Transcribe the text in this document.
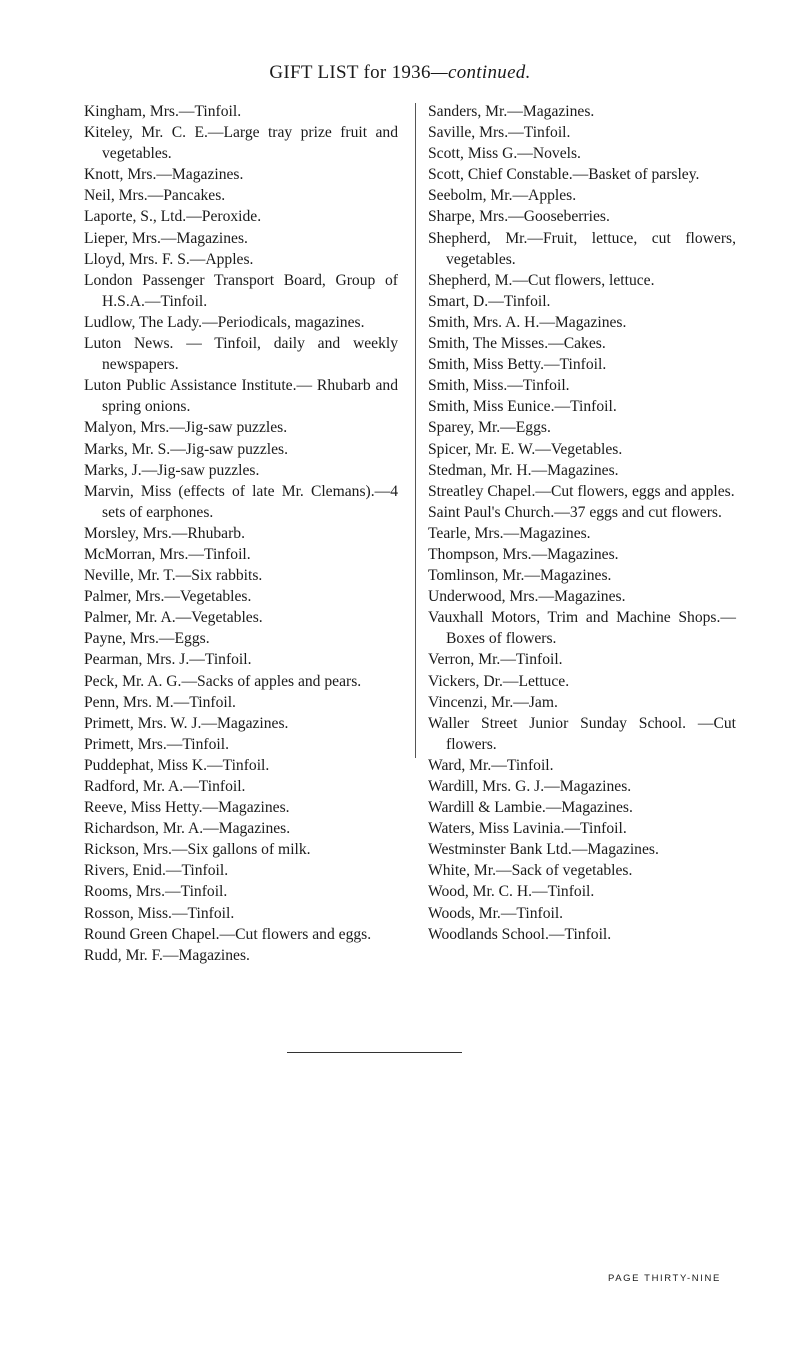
GIFT LIST for 1936—continued.
Kingham, Mrs.—Tinfoil.
Kiteley, Mr. C. E.—Large tray prize fruit and vegetables.
Knott, Mrs.—Magazines.
Neil, Mrs.—Pancakes.
Laporte, S., Ltd.—Peroxide.
Lieper, Mrs.—Magazines.
Lloyd, Mrs. F. S.—Apples.
London Passenger Transport Board, Group of H.S.A.—Tinfoil.
Ludlow, The Lady.—Periodicals, magazines.
Luton News. — Tinfoil, daily and weekly newspapers.
Luton Public Assistance Institute.— Rhubarb and spring onions.
Malyon, Mrs.—Jig-saw puzzles.
Marks, Mr. S.—Jig-saw puzzles.
Marks, J.—Jig-saw puzzles.
Marvin, Miss (effects of late Mr. Clemans).—4 sets of earphones.
Morsley, Mrs.—Rhubarb.
McMorran, Mrs.—Tinfoil.
Neville, Mr. T.—Six rabbits.
Palmer, Mrs.—Vegetables.
Palmer, Mr. A.—Vegetables.
Payne, Mrs.—Eggs.
Pearman, Mrs. J.—Tinfoil.
Peck, Mr. A. G.—Sacks of apples and pears.
Penn, Mrs. M.—Tinfoil.
Primett, Mrs. W. J.—Magazines.
Primett, Mrs.—Tinfoil.
Puddephat, Miss K.—Tinfoil.
Radford, Mr. A.—Tinfoil.
Reeve, Miss Hetty.—Magazines.
Richardson, Mr. A.—Magazines.
Rickson, Mrs.—Six gallons of milk.
Rivers, Enid.—Tinfoil.
Rooms, Mrs.—Tinfoil.
Rosson, Miss.—Tinfoil.
Round Green Chapel.—Cut flowers and eggs.
Rudd, Mr. F.—Magazines.
Sanders, Mr.—Magazines.
Saville, Mrs.—Tinfoil.
Scott, Miss G.—Novels.
Scott, Chief Constable.—Basket of parsley.
Seebolm, Mr.—Apples.
Sharpe, Mrs.—Gooseberries.
Shepherd, Mr.—Fruit, lettuce, cut flowers, vegetables.
Shepherd, M.—Cut flowers, lettuce.
Smart, D.—Tinfoil.
Smith, Mrs. A. H.—Magazines.
Smith, The Misses.—Cakes.
Smith, Miss Betty.—Tinfoil.
Smith, Miss.—Tinfoil.
Smith, Miss Eunice.—Tinfoil.
Sparey, Mr.—Eggs.
Spicer, Mr. E. W.—Vegetables.
Stedman, Mr. H.—Magazines.
Streatley Chapel.—Cut flowers, eggs and apples.
Saint Paul's Church.—37 eggs and cut flowers.
Tearle, Mrs.—Magazines.
Thompson, Mrs.—Magazines.
Tomlinson, Mr.—Magazines.
Underwood, Mrs.—Magazines.
Vauxhall Motors, Trim and Machine Shops.—Boxes of flowers.
Verron, Mr.—Tinfoil.
Vickers, Dr.—Lettuce.
Vincenzi, Mr.—Jam.
Waller Street Junior Sunday School. —Cut flowers.
Ward, Mr.—Tinfoil.
Wardill, Mrs. G. J.—Magazines.
Wardill & Lambie.—Magazines.
Waters, Miss Lavinia.—Tinfoil.
Westminster Bank Ltd.—Magazines.
White, Mr.—Sack of vegetables.
Wood, Mr. C. H.—Tinfoil.
Woods, Mr.—Tinfoil.
Woodlands School.—Tinfoil.
PAGE THIRTY-NINE
